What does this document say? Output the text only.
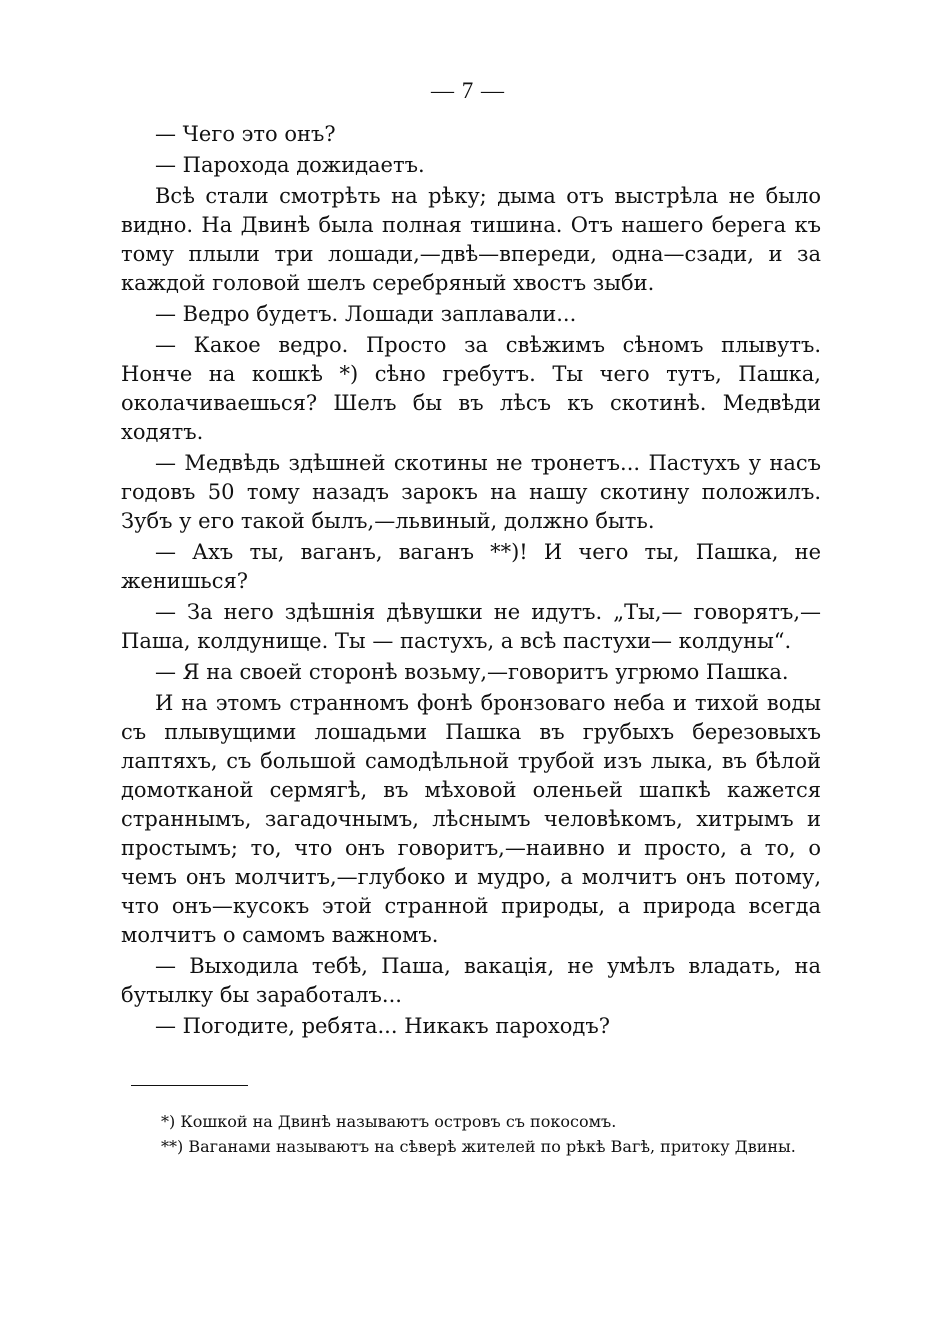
— 7 —

— Чего это онъ?

— Парохода дожидаетъ.

Всѣ стали смотрѣть на рѣку; дыма отъ выстрѣла не было видно. На Двинѣ была полная тишина. Отъ нашего берега къ тому плыли три лошади,—двѣ—впереди, одна—сзади, и за каждой головой шелъ серебряный хвостъ зыби.

— Ведро будетъ. Лошади заплавали...

— Какое ведро. Просто за свѣжимъ сѣномъ плывутъ. Нонче на кошкѣ *) сѣно гребутъ. Ты чего тутъ, Пашка, околачиваешься? Шелъ бы въ лѣсъ къ скотинѣ. Медвѣди ходятъ.

— Медвѣдь здѣшней скотины не тронетъ... Пастухъ у насъ годовъ 50 тому назадъ зарокъ на нашу скотину положилъ. Зубъ у его такой былъ,—львиный, должно быть.

— Ахъ ты, ваганъ, ваганъ **)! И чего ты, Пашка, не женишься?

— За него здѣшнія дѣвушки не идутъ. „Ты,— говорятъ,— Паша, колдунище. Ты — пастухъ, а всѣ пастухи— колдуны“.

— Я на своей сторонѣ возьму,—говоритъ угрюмо Пашка.

И на этомъ странномъ фонѣ бронзоваго неба и тихой воды съ плывущими лошадьми Пашка въ грубыхъ березовыхъ лаптяхъ, съ большой самодѣльной трубой изъ лыка, въ бѣлой домотканой сермягѣ, въ мѣховой оленьей шапкѣ кажется страннымъ, загадочнымъ, лѣснымъ человѣкомъ, хитрымъ и простымъ; то, что онъ говоритъ,—наивно и просто, а то, о чемъ онъ молчитъ,—глубоко и мудро, а молчитъ онъ потому, что онъ—кусокъ этой странной природы, а природа всегда молчитъ о самомъ важномъ.

— Выходила тебѣ, Паша, вакація, не умѣлъ владать, на бутылку бы заработалъ...

— Погодите, ребята... Никакъ пароходъ?

*) Кошкой на Двинѣ называютъ островъ съ покосомъ.

**) Ваганами называютъ на сѣверѣ жителей по рѣкѣ Вагѣ, притоку Двины.
